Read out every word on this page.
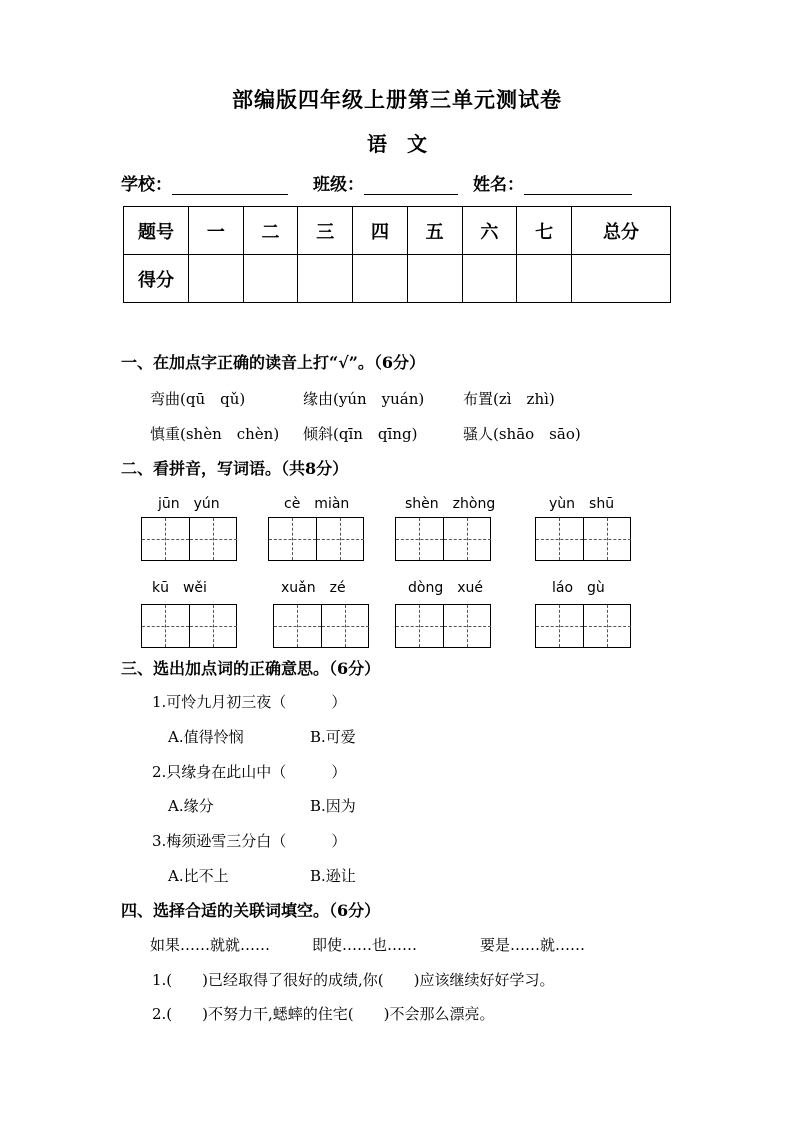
部编版四年级上册第三单元测试卷
语　文
学校：	班级：	姓名：
题号	一	二	三	四	五	六	七	总分
得分								
一、在加点字正确的读音上打“√”。（6分）
弯曲(qū　qǔ)	缘由(yún　yuán)	布置(zì　zhì)
慎重(shèn　chèn) 倾斜(qīn　qīng)	骚人(shāo　sāo)
二、看拼音，写词语。（共8分）
jūn　yún	cè　miàn	shèn　zhòng	yùn　shū
kū　wěi	xuǎn　zé	dòng　xué	láo　gù
三、选出加点词的正确意思。（6分）
1.可怜九月初三夜（　　　）
A.值得怜悯	B.可爱
2.只缘身在此山中（　　　）
A.缘分	B.因为
3.梅须逊雪三分白（　　　）
A.比不上	B.逊让
四、选择合适的关联词填空。（6分）
如果……就就……	即使……也……	要是……就……
1.(　　)已经取得了很好的成绩,你(　　)应该继续好好学习。
2.(　　)不努力干,蟋蟀的住宅(　　)不会那么漂亮。
